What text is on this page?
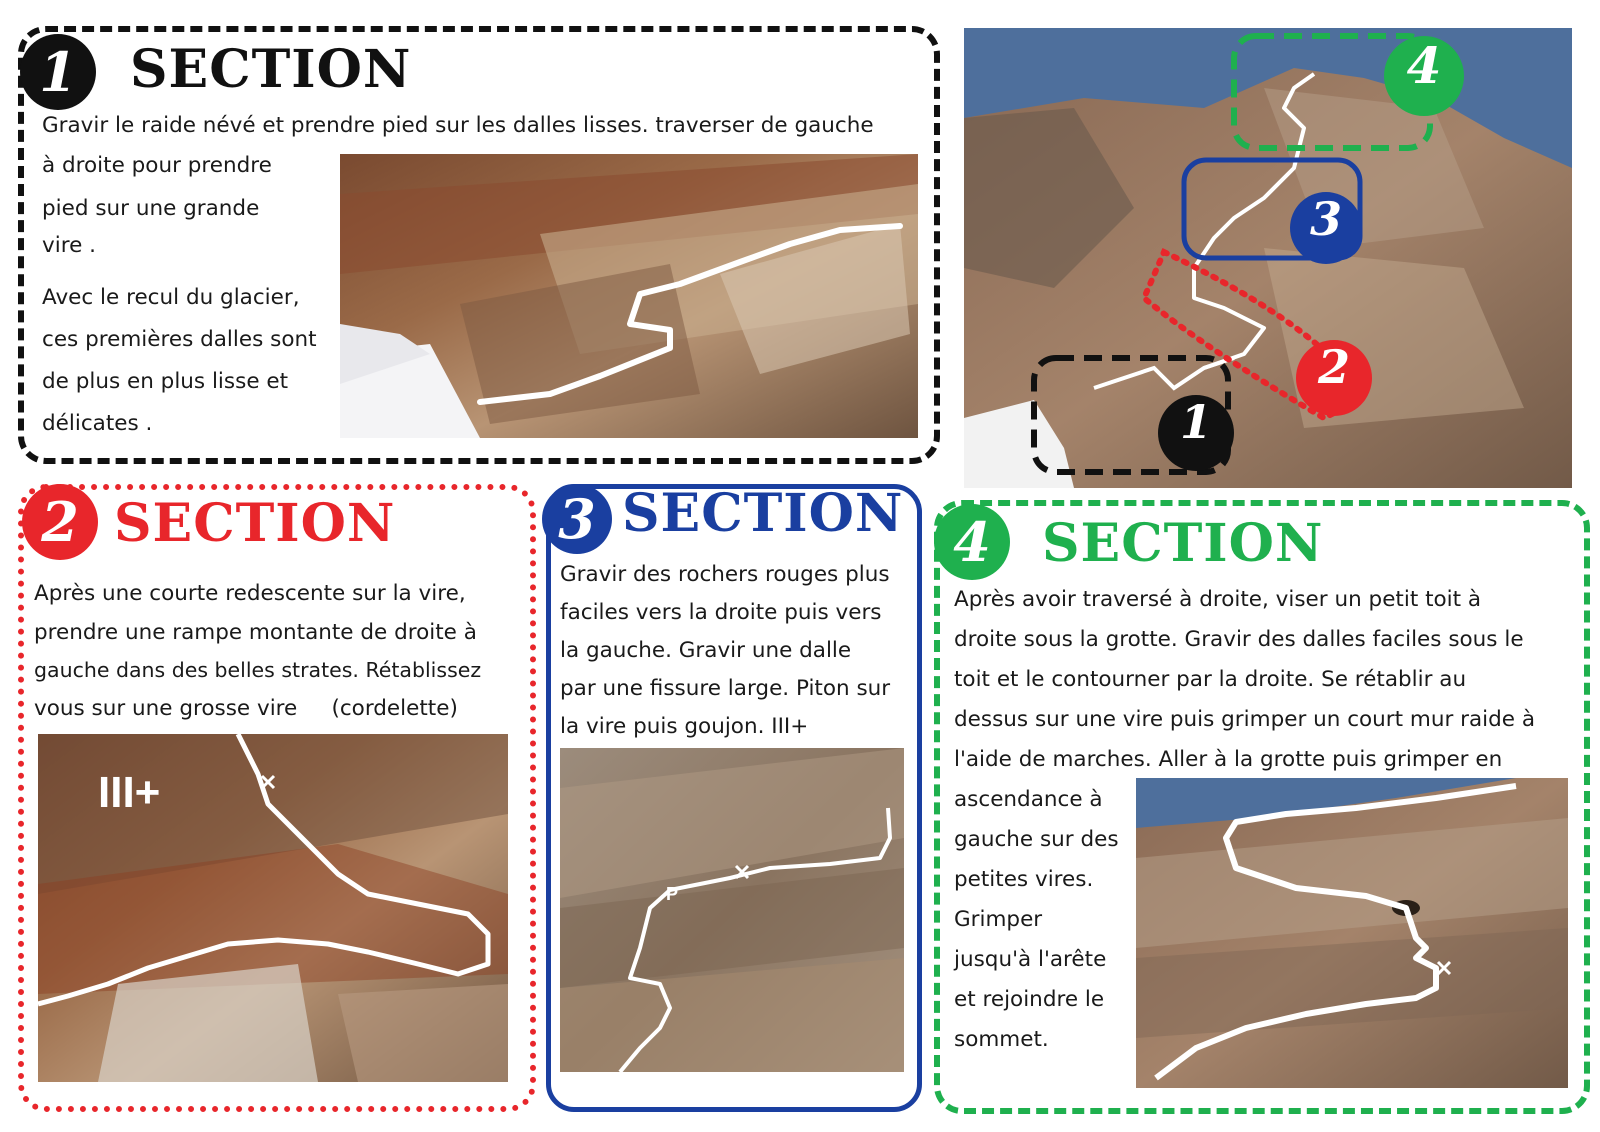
1	SECTION
Gravir le raide névé et prendre pied sur les dalles lisses. traverser de gauche
à droite pour prendre
pied sur une grande
vire .
Avec le recul du glacier,
ces premières dalles sont
de plus en plus lisse et
délicates .
4
3
2
1
2 SECTION
Après une courte redescente sur la vire,
prendre une rampe montante de droite à
gauche dans des belles strates. Rétablissez
vous sur une grosse vire     (cordelette)
III+
3 SECTION
Gravir des rochers rouges plus
faciles vers la droite puis vers
la gauche. Gravir une dalle
par une fissure large. Piton sur
la vire puis goujon. III+
P
4 SECTION
Après avoir traversé à droite, viser un petit toit à
droite sous la grotte. Gravir des dalles faciles sous le
toit et le contourner par la droite. Se rétablir au
dessus sur une vire puis grimper un court mur raide à
l'aide de marches. Aller à la grotte puis grimper en
ascendance à
gauche sur des
petites vires.
Grimper
jusqu'à l'arête
et rejoindre le
sommet.
